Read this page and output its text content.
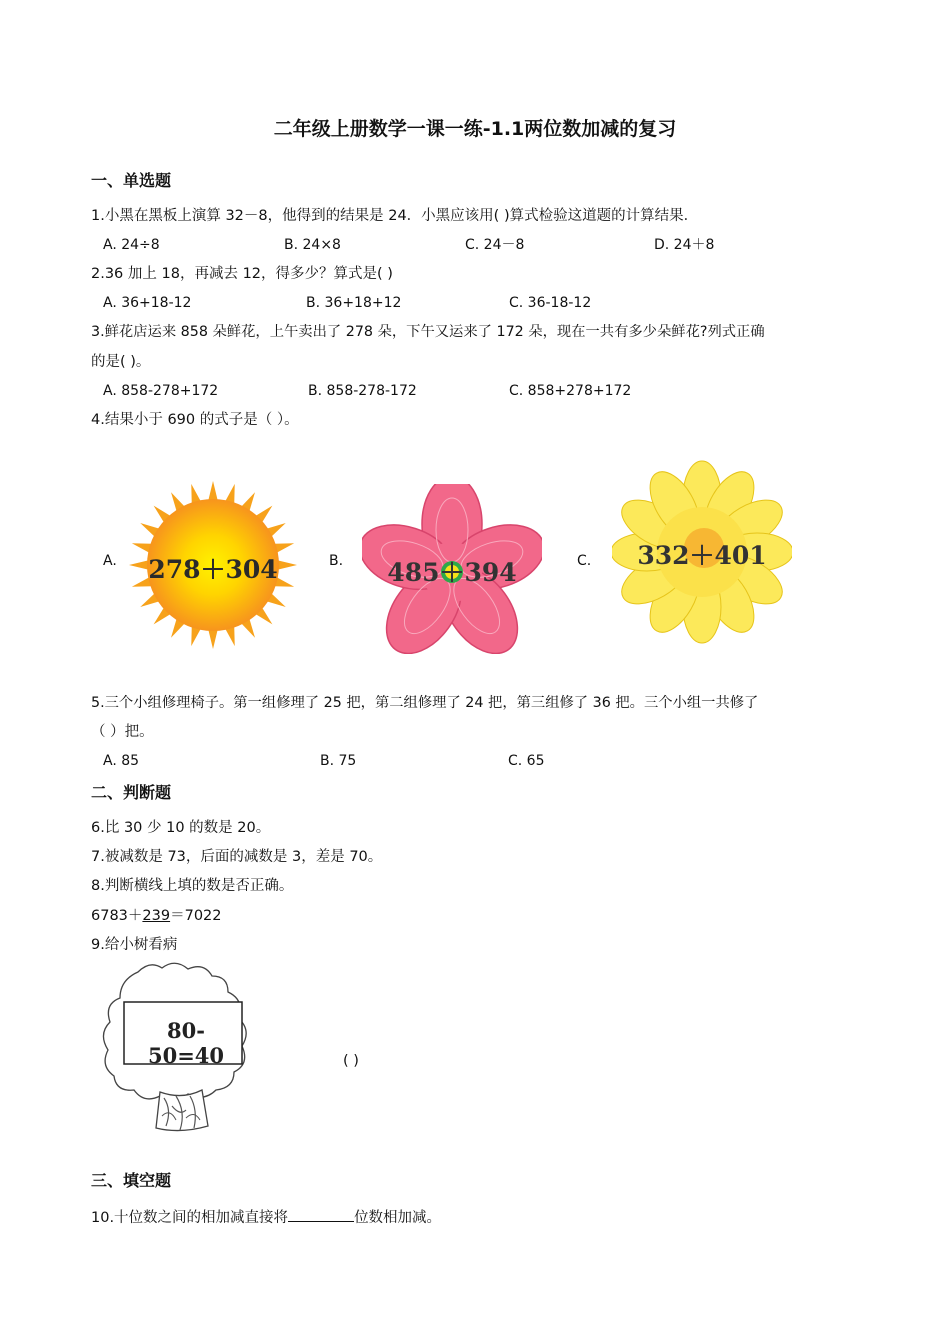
二年级上册数学一课一练-1.1两位数加减的复习
一、单选题
1.小黑在黑板上演算 32－8，他得到的结果是 24．小黑应该用( )算式检验这道题的计算结果．
A. 24÷8	B. 24×8	C. 24－8	D. 24＋8
2.36 加上 18，再减去 12，得多少？算式是( )
A. 36+18-12	B. 36+18+12	C. 36-18-12
3.鲜花店运来 858 朵鲜花，上午卖出了 278 朵，下午又运来了 172 朵，现在一共有多少朵鲜花?列式正确
的是( )。
A. 858-278+172	B. 858-278-172	C. 858+278+172
4.结果小于 690 的式子是（ ）。
A. 278＋304	B. 485＋394	C. 332＋401
5.三个小组修理椅子。第一组修理了 25 把，第二组修理了 24 把，第三组修了 36 把。三个小组一共修了
（ ）把。
A. 85	B. 75	C. 65
二、判断题
6.比 30 少 10 的数是 20。
7.被减数是 73，后面的减数是 3，差是 70。
8.判断横线上填的数是否正确。
6783＋239＝7022
9.给小树看病
80-50=40	( )
三、填空题
10.十位数之间的相加减直接将	位数相加减。
